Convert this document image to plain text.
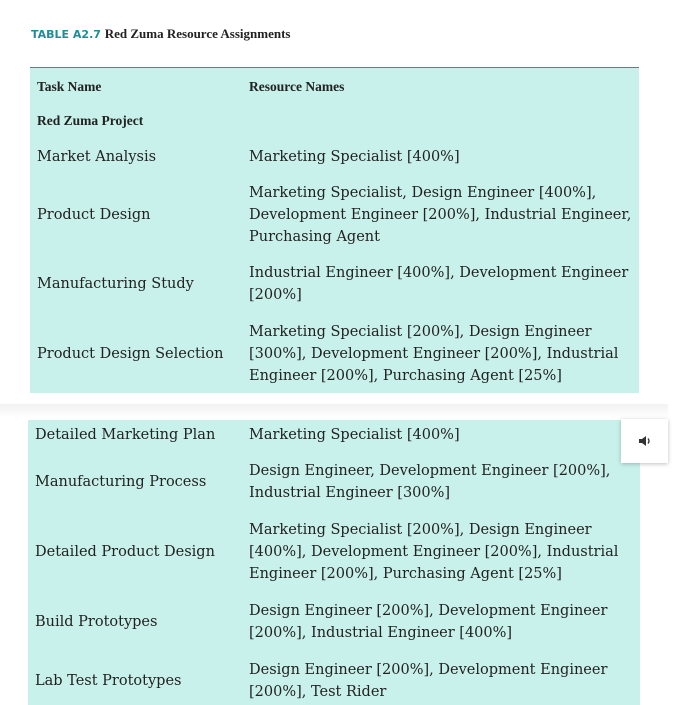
TABLE A2.7 Red Zuma Resource Assignments
Task Name	Resource Names
Red Zuma Project
Market Analysis	Marketing Specialist [400%]
Product Design
Marketing Specialist, Design Engineer [400%], Development Engineer [200%], Industrial Engineer, Purchasing Agent
Manufacturing Study
Industrial Engineer [400%], Development Engineer [200%]
Product Design Selection
Marketing Specialist [200%], Design Engineer [300%], Development Engineer [200%], Industrial Engineer [200%], Purchasing Agent [25%]
Detailed Marketing Plan Marketing Specialist [400%]
Manufacturing Process
Design Engineer, Development Engineer [200%], Industrial Engineer [300%]
Detailed Product Design
Marketing Specialist [200%], Design Engineer [400%], Development Engineer [200%], Industrial Engineer [200%], Purchasing Agent [25%]
Build Prototypes
Design Engineer [200%], Development Engineer [200%], Industrial Engineer [400%]
Lab Test Prototypes
Design Engineer [200%], Development Engineer [200%], Test Rider
